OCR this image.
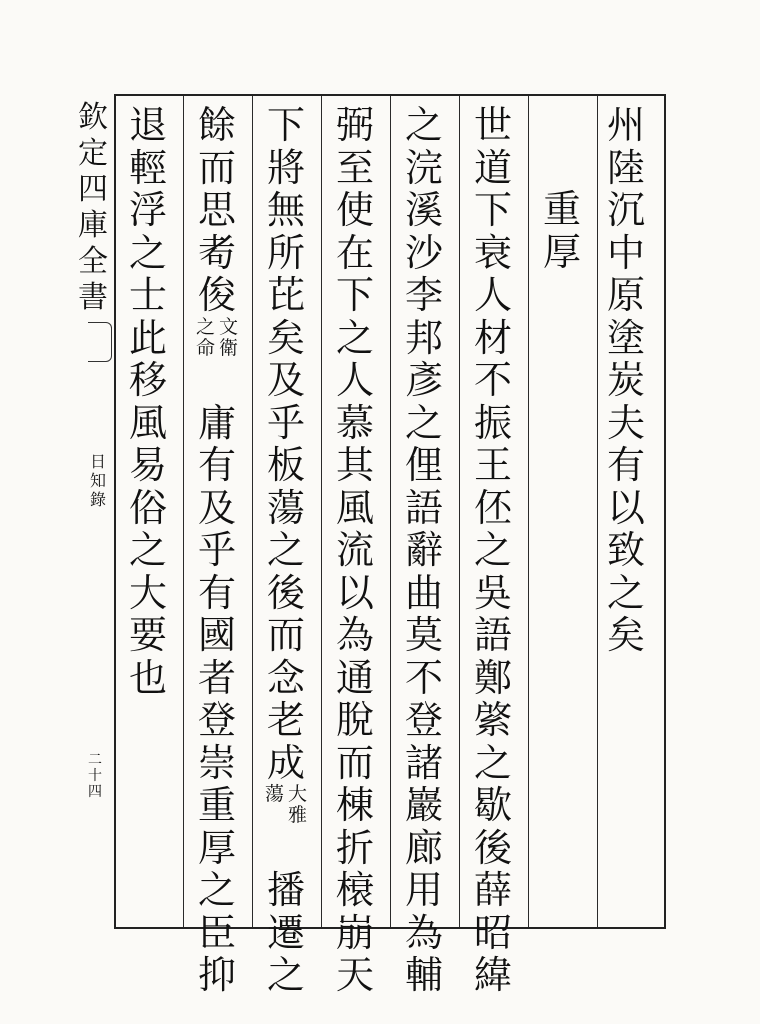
欽
定
四
庫
全
書
日
知
錄
二
十
四
州
陸
沉
中
原
塗
炭
夫
有
以
致
之
矣
重
厚
世
道
下
衰
人
材
不
振
王
伾
之
吳
語
鄭
綮
之
歇
後
薛
昭
緯
之
浣
溪
沙
李
邦
彥
之
俚
語
辭
曲
莫
不
登
諸
巖
廊
用
為
輔
弼
至
使
在
下
之
人
慕
其
風
流
以
為
通
脫
而
棟
折
榱
崩
天
下
將
無
所
芘
矣
及
乎
板
蕩
之
後
而
念
老
成
大
雅
蕩
播
遷
之
餘
而
思
耇
俊
文
衛
之
命
庸
有
及
乎
有
國
者
登
崇
重
厚
之
臣
抑
退
輕
浮
之
士
此
移
風
易
俗
之
大
要
也
